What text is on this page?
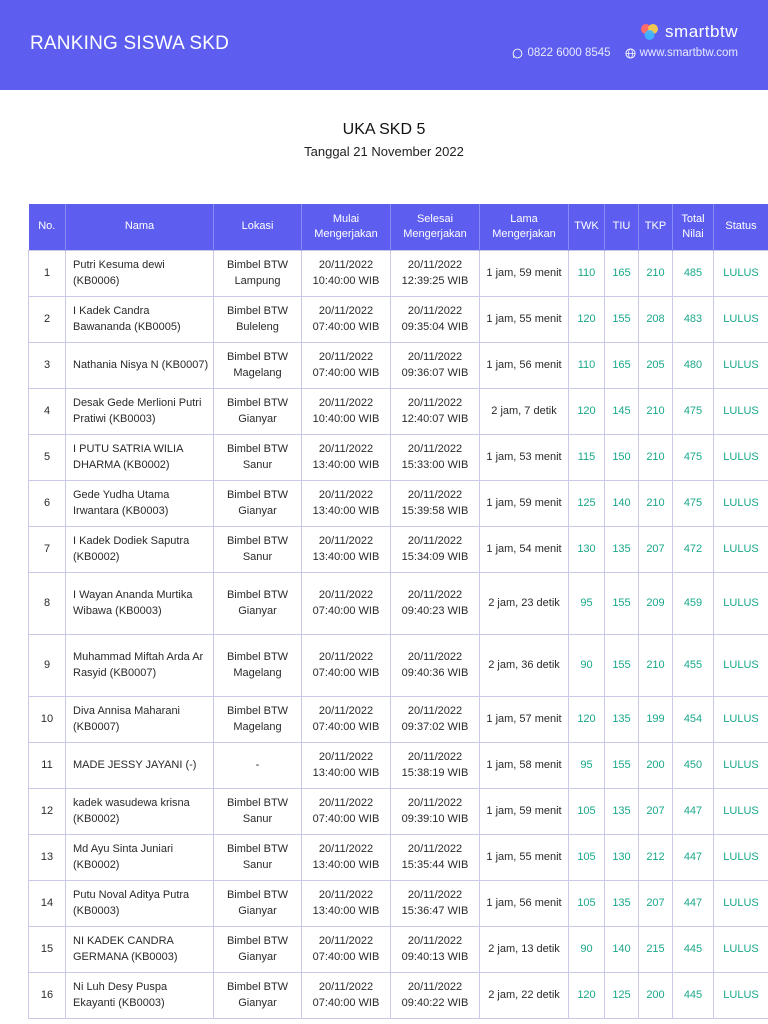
RANKING SISWA SKD
smartbtw
0822 6000 8545	www.smartbtw.com
UKA SKD 5
Tanggal 21 November 2022
No.	Nama	Lokasi	Mulai Mengerjakan	Selesai Mengerjakan	Lama Mengerjakan	TWK	TIU	TKP	Total Nilai	Status
1	Putri Kesuma dewi (KB0006)	Bimbel BTW Lampung	20/11/2022 10:40:00 WIB	20/11/2022 12:39:25 WIB	1 jam, 59 menit	110	165	210	485	LULUS
2	I Kadek Candra Bawananda (KB0005)	Bimbel BTW Buleleng	20/11/2022 07:40:00 WIB	20/11/2022 09:35:04 WIB	1 jam, 55 menit	120	155	208	483	LULUS
3	Nathania Nisya N (KB0007)	Bimbel BTW Magelang	20/11/2022 07:40:00 WIB	20/11/2022 09:36:07 WIB	1 jam, 56 menit	110	165	205	480	LULUS
4	Desak Gede Merlioni Putri Pratiwi (KB0003)	Bimbel BTW Gianyar	20/11/2022 10:40:00 WIB	20/11/2022 12:40:07 WIB	2 jam, 7 detik	120	145	210	475	LULUS
5	I PUTU SATRIA WILIA DHARMA (KB0002)	Bimbel BTW Sanur	20/11/2022 13:40:00 WIB	20/11/2022 15:33:00 WIB	1 jam, 53 menit	115	150	210	475	LULUS
6	Gede Yudha Utama Irwantara (KB0003)	Bimbel BTW Gianyar	20/11/2022 13:40:00 WIB	20/11/2022 15:39:58 WIB	1 jam, 59 menit	125	140	210	475	LULUS
7	I Kadek Dodiek Saputra (KB0002)	Bimbel BTW Sanur	20/11/2022 13:40:00 WIB	20/11/2022 15:34:09 WIB	1 jam, 54 menit	130	135	207	472	LULUS
8	I Wayan Ananda Murtika Wibawa (KB0003)	Bimbel BTW Gianyar	20/11/2022 07:40:00 WIB	20/11/2022 09:40:23 WIB	2 jam, 23 detik	95	155	209	459	LULUS
9	Muhammad Miftah Arda Ar Rasyid (KB0007)	Bimbel BTW Magelang	20/11/2022 07:40:00 WIB	20/11/2022 09:40:36 WIB	2 jam, 36 detik	90	155	210	455	LULUS
10	Diva Annisa Maharani (KB0007)	Bimbel BTW Magelang	20/11/2022 07:40:00 WIB	20/11/2022 09:37:02 WIB	1 jam, 57 menit	120	135	199	454	LULUS
11	MADE JESSY JAYANI (-)	-	20/11/2022 13:40:00 WIB	20/11/2022 15:38:19 WIB	1 jam, 58 menit	95	155	200	450	LULUS
12	kadek wasudewa krisna (KB0002)	Bimbel BTW Sanur	20/11/2022 07:40:00 WIB	20/11/2022 09:39:10 WIB	1 jam, 59 menit	105	135	207	447	LULUS
13	Md Ayu Sinta Juniari (KB0002)	Bimbel BTW Sanur	20/11/2022 13:40:00 WIB	20/11/2022 15:35:44 WIB	1 jam, 55 menit	105	130	212	447	LULUS
14	Putu Noval Aditya Putra (KB0003)	Bimbel BTW Gianyar	20/11/2022 13:40:00 WIB	20/11/2022 15:36:47 WIB	1 jam, 56 menit	105	135	207	447	LULUS
15	NI KADEK CANDRA GERMANA (KB0003)	Bimbel BTW Gianyar	20/11/2022 07:40:00 WIB	20/11/2022 09:40:13 WIB	2 jam, 13 detik	90	140	215	445	LULUS
16	Ni Luh Desy Puspa Ekayanti (KB0003)	Bimbel BTW Gianyar	20/11/2022 07:40:00 WIB	20/11/2022 09:40:22 WIB	2 jam, 22 detik	120	125	200	445	LULUS
